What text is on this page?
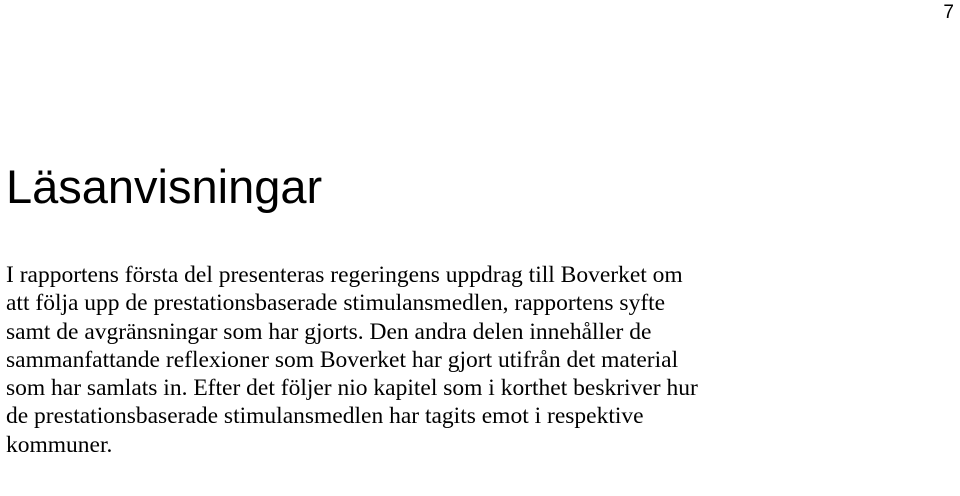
7
Läsanvisningar

I rapportens första del presenteras regeringens uppdrag till Boverket om
att följa upp de prestationsbaserade stimulansmedlen, rapportens syfte
samt de avgränsningar som har gjorts. Den andra delen innehåller de
sammanfattande reflexioner som Boverket har gjort utifrån det material
som har samlats in. Efter det följer nio kapitel som i korthet beskriver hur
de prestationsbaserade stimulansmedlen har tagits emot i respektive
kommuner.
